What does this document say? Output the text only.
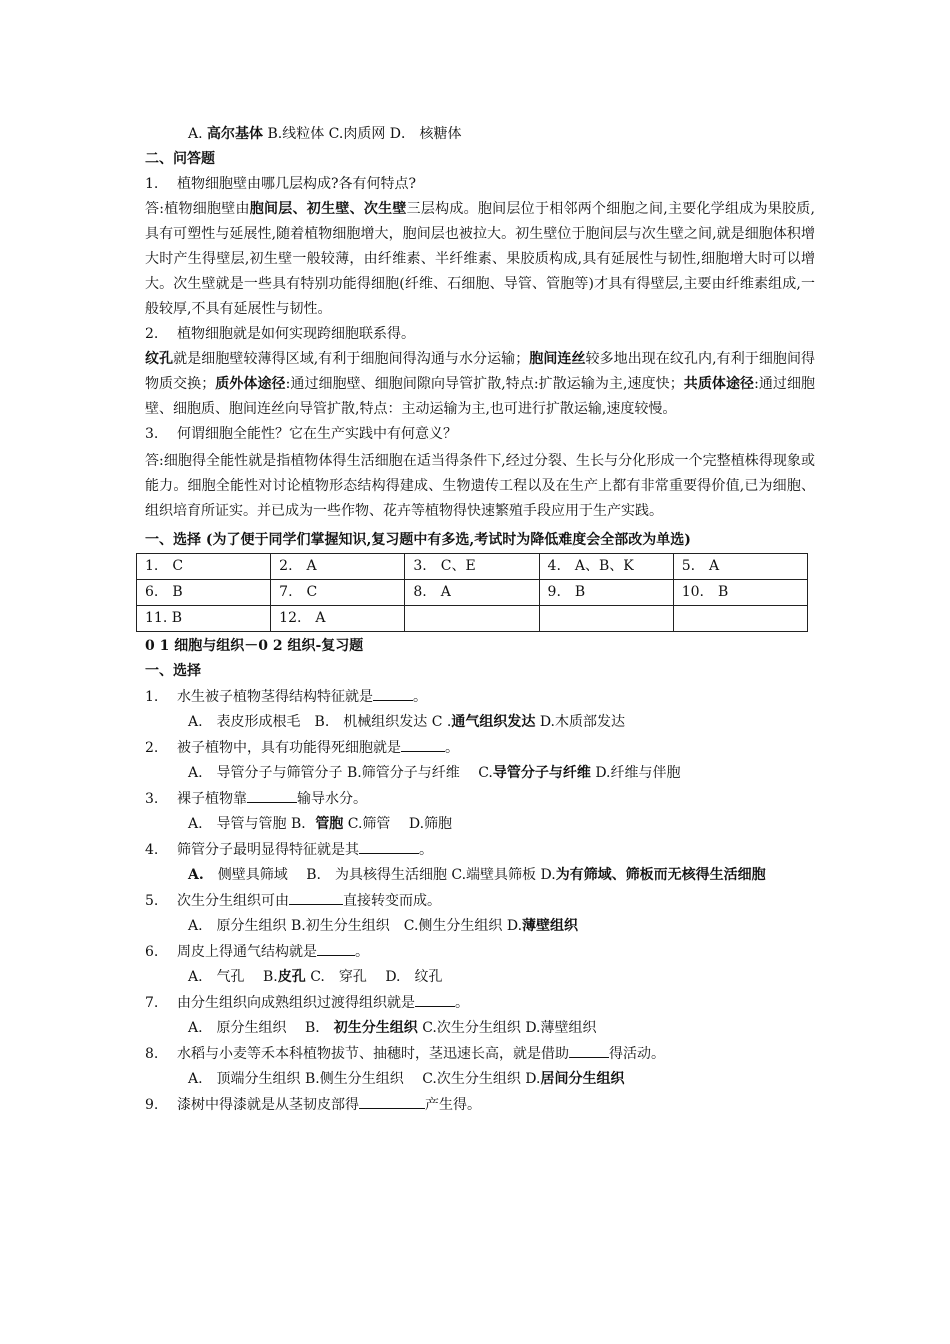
A. 高尔基体 B.线粒体 C.肉质网 D． 核糖体
二、问答题
1. 植物细胞壁由哪几层构成?各有何特点?
答:植物细胞壁由胞间层、初生壁、次生壁三层构成。胞间层位于相邻两个细胞之间,主要化学组成为果胶质,具有可塑性与延展性,随着植物细胞增大，胞间层也被拉大。初生壁位于胞间层与次生壁之间,就是细胞体积增大时产生得壁层,初生壁一般较薄，由纤维素、半纤维素、果胶质构成,具有延展性与韧性,细胞增大时可以增大。次生壁就是一些具有特别功能得细胞(纤维、石细胞、导管、管胞等)才具有得壁层,主要由纤维素组成,一般较厚,不具有延展性与韧性。
2. 植物细胞就是如何实现跨细胞联系得。
纹孔就是细胞壁较薄得区域,有利于细胞间得沟通与水分运输；胞间连丝较多地出现在纹孔内,有利于细胞间得物质交换；质外体途径:通过细胞壁、细胞间隙向导管扩散,特点:扩散运输为主,速度快；共质体途径:通过细胞壁、细胞质、胞间连丝向导管扩散,特点：主动运输为主,也可进行扩散运输,速度较慢。
3. 何谓细胞全能性？它在生产实践中有何意义？
答:细胞得全能性就是指植物体得生活细胞在适当得条件下,经过分裂、生长与分化形成一个完整植株得现象或能力。细胞全能性对讨论植物形态结构得建成、生物遗传工程以及在生产上都有非常重要得价值,已为细胞、组织培育所证实。并已成为一些作物、花卉等植物得快速繁殖手段应用于生产实践。
一、选择 (为了便于同学们掌握知识,复习题中有多选,考试时为降低难度会全部改为单选)
1.　C	2.　A	3.　C、E	4.　A、B、K	5.　A
6.　B	7.　C	8.　A	9.　B	10.　B
11. B	12.　A			
0 1 细胞与组织－0 2 组织-复习题
一、选择
1. 水生被子植物茎得结构特征就是	。
A.　表皮形成根毛　B.　机械组织发达 C .通气组织发达 D.木质部发达
2. 被子植物中，具有功能得死细胞就是	。
A.　导管分子与筛管分子 B.筛管分子与纤维　 C.导管分子与纤维 D.纤维与伴胞
3. 裸子植物靠	输导水分。
A.　导管与管胞 B．管胞 C.筛管　 D.筛胞
4. 筛管分子最明显得特征就是其	。
A.　侧壁具筛域　 B.　为具核得生活细胞 C.端壁具筛板 D.为有筛域、筛板而无核得生活细胞
5. 次生分生组织可由	直接转变而成。
A.　原分生组织 B.初生分生组织　C.侧生分生组织 D.薄壁组织
6. 周皮上得通气结构就是	。
A.　气孔　 B.皮孔 C.　穿孔　 D.　纹孔
7. 由分生组织向成熟组织过渡得组织就是	。
A.　原分生组织　 B.　初生分生组织 C.次生分生组织 D.薄壁组织
8. 水稻与小麦等禾本科植物拔节、抽穗时，茎迅速长高，就是借助	得活动。
A.　顶端分生组织 B.侧生分生组织　 C.次生分生组织 D.居间分生组织
9. 漆树中得漆就是从茎韧皮部得	产生得。
